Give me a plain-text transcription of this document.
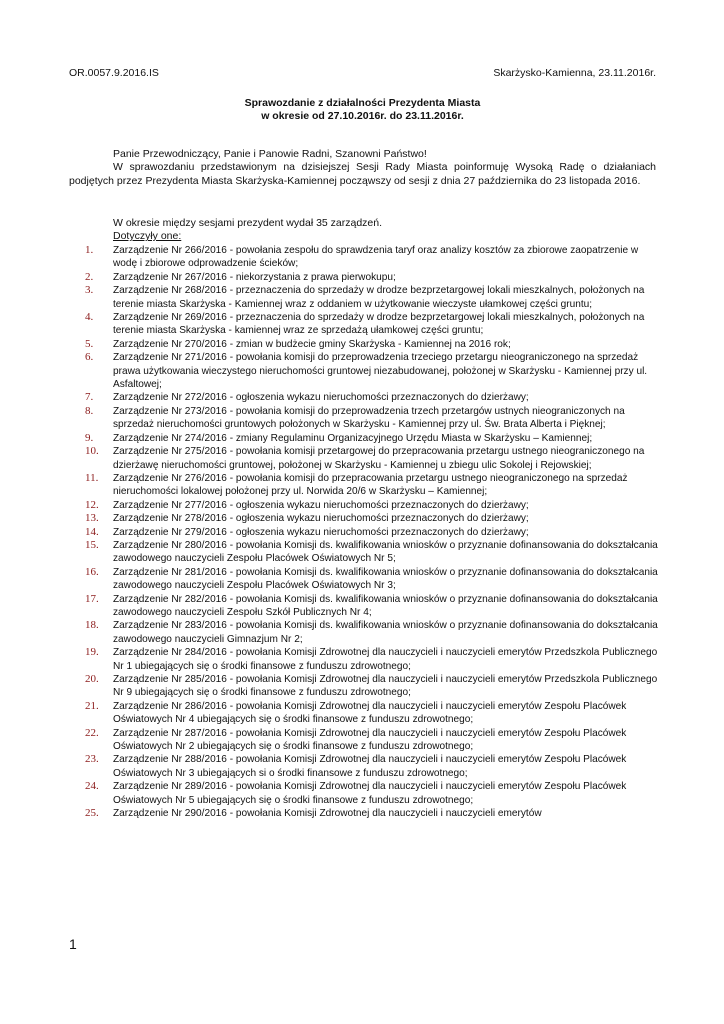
OR.0057.9.2016.IS	Skarżysko-Kamienna, 23.11.2016r.
Sprawozdanie z działalności Prezydenta Miasta
w okresie od 27.10.2016r. do 23.11.2016r.

Panie Przewodniczący, Panie i Panowie Radni, Szanowni Państwo!

W sprawozdaniu przedstawionym na dzisiejszej Sesji Rady Miasta poinformuję Wysoką Radę o działaniach podjętych przez Prezydenta Miasta Skarżyska-Kamiennej począwszy od sesji z dnia 27 października do 23 listopada 2016.

W okresie między sesjami prezydent wydał 35 zarządzeń.

Dotyczyły one:

1. Zarządzenie Nr 266/2016 - powołania zespołu do sprawdzenia taryf oraz analizy kosztów za zbiorowe zaopatrzenie w wodę i zbiorowe odprowadzenie ścieków;
2. Zarządzenie Nr 267/2016 - niekorzystania z prawa pierwokupu;
3. Zarządzenie Nr 268/2016 - przeznaczenia do sprzedaży w drodze bezprzetargowej lokali mieszkalnych, położonych na terenie miasta Skarżyska - Kamiennej wraz z oddaniem w użytkowanie wieczyste ułamkowej części gruntu;
4. Zarządzenie Nr 269/2016 - przeznaczenia do sprzedaży w drodze bezprzetargowej lokali mieszkalnych, położonych na terenie miasta Skarżyska - kamiennej wraz ze sprzedażą ułamkowej części gruntu;
5. Zarządzenie Nr 270/2016 - zmian w budżecie gminy Skarżyska - Kamiennej na 2016 rok;
6. Zarządzenie Nr 271/2016 - powołania komisji do przeprowadzenia trzeciego przetargu nieograniczonego na sprzedaż prawa użytkowania wieczystego nieruchomości gruntowej niezabudowanej, położonej w Skarżysku - Kamiennej przy ul. Asfaltowej;
7. Zarządzenie Nr 272/2016 - ogłoszenia wykazu nieruchomości przeznaczonych do dzierżawy;
8. Zarządzenie Nr 273/2016 - powołania komisji do przeprowadzenia trzech przetargów ustnych nieograniczonych na sprzedaż nieruchomości gruntowych położonych w Skarżysku - Kamiennej przy ul. Św. Brata Alberta i Pięknej;
9. Zarządzenie Nr 274/2016 - zmiany Regulaminu Organizacyjnego Urzędu Miasta w Skarżysku – Kamiennej;
10. Zarządzenie Nr 275/2016 - powołania komisji przetargowej do przepracowania przetargu ustnego nieograniczonego na dzierżawę nieruchomości gruntowej, położonej w Skarżysku - Kamiennej u zbiegu ulic Sokolej i Rejowskiej;
11. Zarządzenie Nr 276/2016 - powołania komisji do przepracowania przetargu ustnego nieograniczonego na sprzedaż nieruchomości lokalowej położonej przy ul. Norwida 20/6 w Skarżysku – Kamiennej;
12. Zarządzenie Nr 277/2016 - ogłoszenia wykazu nieruchomości przeznaczonych do dzierżawy;
13. Zarządzenie Nr 278/2016 - ogłoszenia wykazu nieruchomości przeznaczonych do dzierżawy;
14. Zarządzenie Nr 279/2016 - ogłoszenia wykazu nieruchomości przeznaczonych do dzierżawy;
15. Zarządzenie Nr 280/2016 - powołania Komisji ds. kwalifikowania wniosków o przyznanie dofinansowania do dokształcania zawodowego nauczycieli Zespołu Placówek Oświatowych Nr 5;
16. Zarządzenie Nr 281/2016 - powołania Komisji ds. kwalifikowania wniosków o przyznanie dofinansowania do dokształcania zawodowego nauczycieli Zespołu Placówek Oświatowych Nr 3;
17. Zarządzenie Nr 282/2016 - powołania Komisji ds. kwalifikowania wniosków o przyznanie dofinansowania do dokształcania zawodowego nauczycieli Zespołu Szkół Publicznych Nr 4;
18. Zarządzenie Nr 283/2016 - powołania Komisji ds. kwalifikowania wniosków o przyznanie dofinansowania do dokształcania zawodowego nauczycieli Gimnazjum Nr 2;
19. Zarządzenie Nr 284/2016 - powołania Komisji Zdrowotnej dla nauczycieli i nauczycieli emerytów Przedszkola Publicznego Nr 1 ubiegających się o środki finansowe z funduszu zdrowotnego;
20. Zarządzenie Nr 285/2016 - powołania Komisji Zdrowotnej dla nauczycieli i nauczycieli emerytów Przedszkola Publicznego Nr 9 ubiegających się o środki finansowe z funduszu zdrowotnego;
21. Zarządzenie Nr 286/2016 - powołania Komisji Zdrowotnej dla nauczycieli i nauczycieli emerytów Zespołu Placówek Oświatowych Nr 4 ubiegających się o środki finansowe z funduszu zdrowotnego;
22. Zarządzenie Nr 287/2016 - powołania Komisji Zdrowotnej dla nauczycieli i nauczycieli emerytów Zespołu Placówek Oświatowych Nr 2 ubiegających się o środki finansowe z funduszu zdrowotnego;
23. Zarządzenie Nr 288/2016 - powołania Komisji Zdrowotnej dla nauczycieli i nauczycieli emerytów Zespołu Placówek Oświatowych Nr 3 ubiegających si o środki finansowe z funduszu zdrowotnego;
24. Zarządzenie Nr 289/2016 - powołania Komisji Zdrowotnej dla nauczycieli i nauczycieli emerytów Zespołu Placówek Oświatowych Nr 5 ubiegających się o środki finansowe z funduszu zdrowotnego;
25. Zarządzenie Nr 290/2016 - powołania Komisji Zdrowotnej dla nauczycieli i nauczycieli emerytów
1
